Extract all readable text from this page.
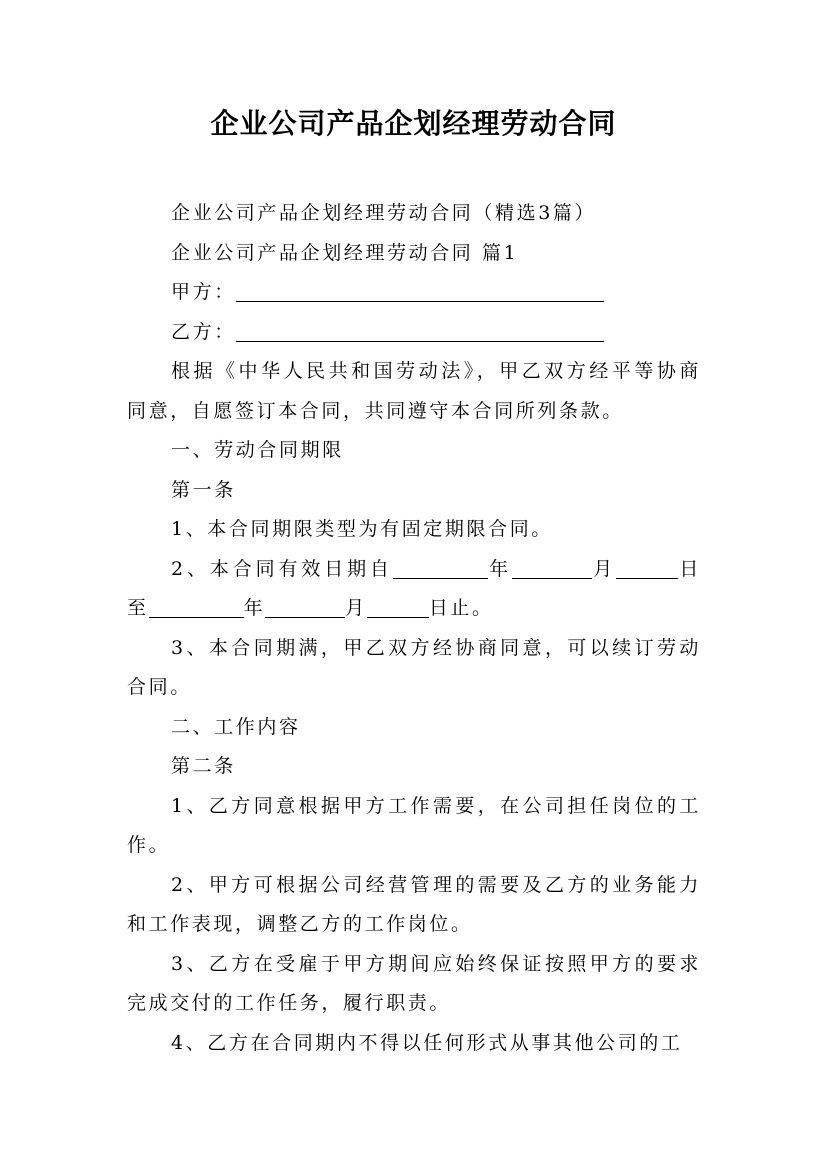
企业公司产品企划经理劳动合同

企业公司产品企划经理劳动合同（精选3篇）

企业公司产品企划经理劳动合同 篇1

甲方：

乙方：

根据《中华人民共和国劳动法》，甲乙双方经平等协商同意，自愿签订本合同，共同遵守本合同所列条款。

一、劳动合同期限

第一条

1、本合同期限类型为有固定期限合同。

2、本合同有效日期自	年	月	日至	年	月	日止。

3、本合同期满，甲乙双方经协商同意，可以续订劳动合同。

二、工作内容

第二条

1、乙方同意根据甲方工作需要，在公司担任岗位的工作。

2、甲方可根据公司经营管理的需要及乙方的业务能力和工作表现，调整乙方的工作岗位。

3、乙方在受雇于甲方期间应始终保证按照甲方的要求完成交付的工作任务，履行职责。

4、乙方在合同期内不得以任何形式从事其他公司的工
